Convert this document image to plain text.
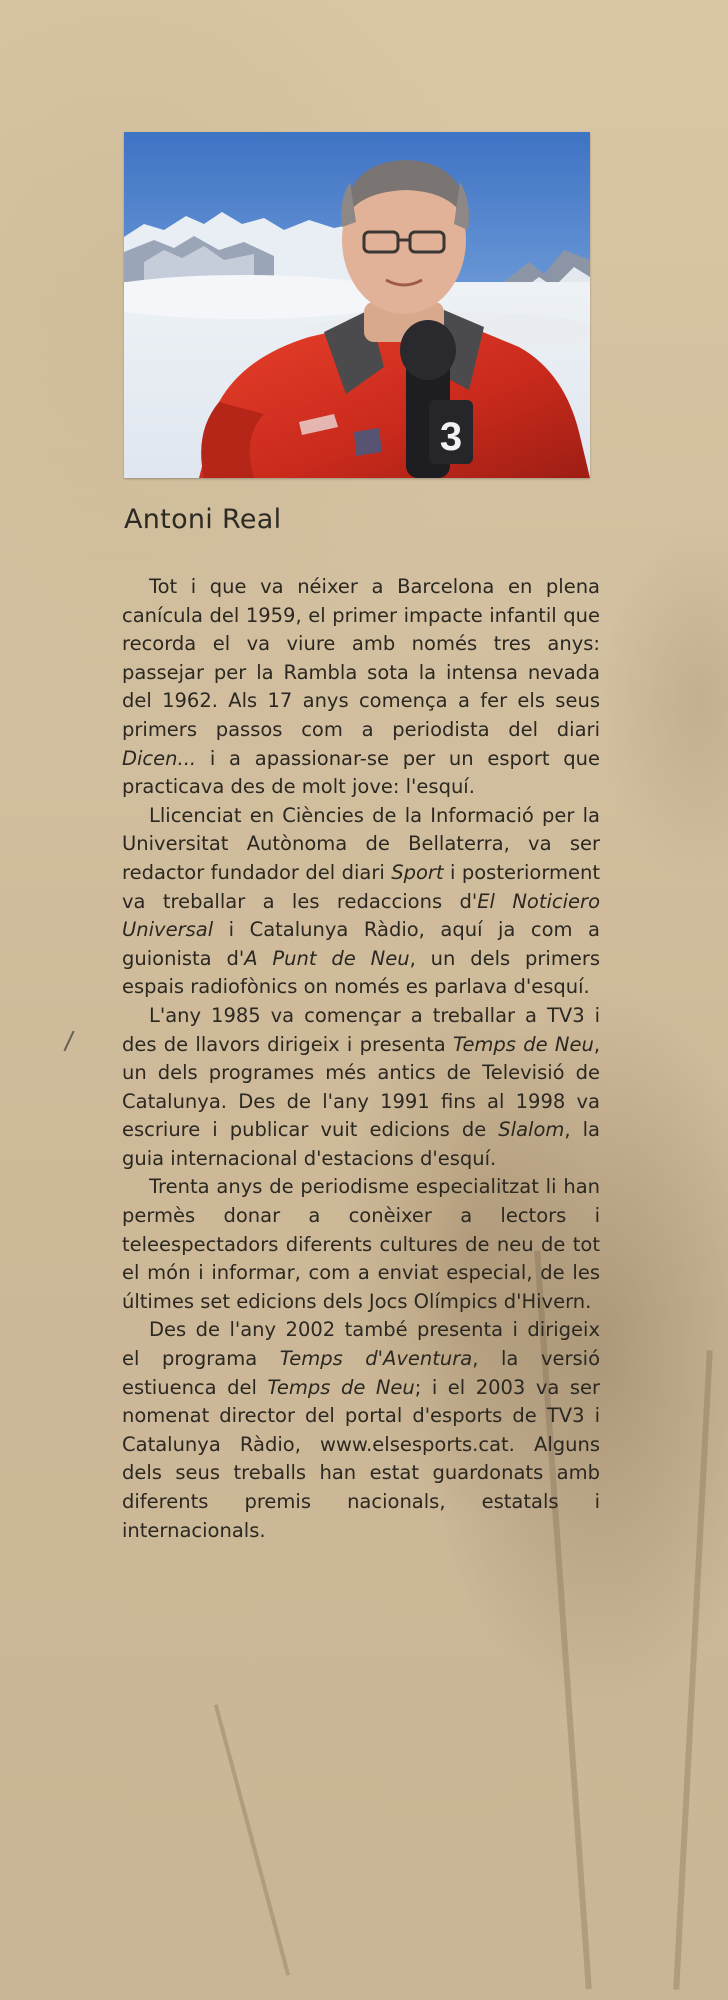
3
Antoni Real

Tot i que va néixer a Barcelona en plena canícula del 1959, el primer impacte infantil que recorda el va viure amb només tres anys: passejar per la Rambla sota la intensa nevada del 1962. Als 17 anys comença a fer els seus primers passos com a periodista del diari Dicen... i a apassionar-se per un esport que practicava des de molt jove: l'esquí.

Llicenciat en Ciències de la Informació per la Universitat Autònoma de Bellaterra, va ser redactor fundador del diari Sport i posteriorment va treballar a les redaccions d'El Noticiero Universal i Catalunya Ràdio, aquí ja com a guionista d'A Punt de Neu, un dels primers espais radiofònics on només es parlava d'esquí.

L'any 1985 va començar a treballar a TV3 i des de llavors dirigeix i presenta Temps de Neu, un dels programes més antics de Televisió de Catalunya. Des de l'any 1991 fins al 1998 va escriure i publicar vuit edicions de Slalom, la guia internacional d'estacions d'esquí.

Trenta anys de periodisme especialitzat li han permès donar a conèixer a lectors i teleespectadors diferents cultures de neu de tot el món i informar, com a enviat especial, de les últimes set edicions dels Jocs Olímpics d'Hivern.

Des de l'any 2002 també presenta i dirigeix el programa Temps d'Aventura, la versió estiuenca del Temps de Neu; i el 2003 va ser nomenat director del portal d'esports de TV3 i Catalunya Ràdio, www.elsesports.cat. Alguns dels seus treballs han estat guardonats amb diferents premis nacionals, estatals i internacionals.
